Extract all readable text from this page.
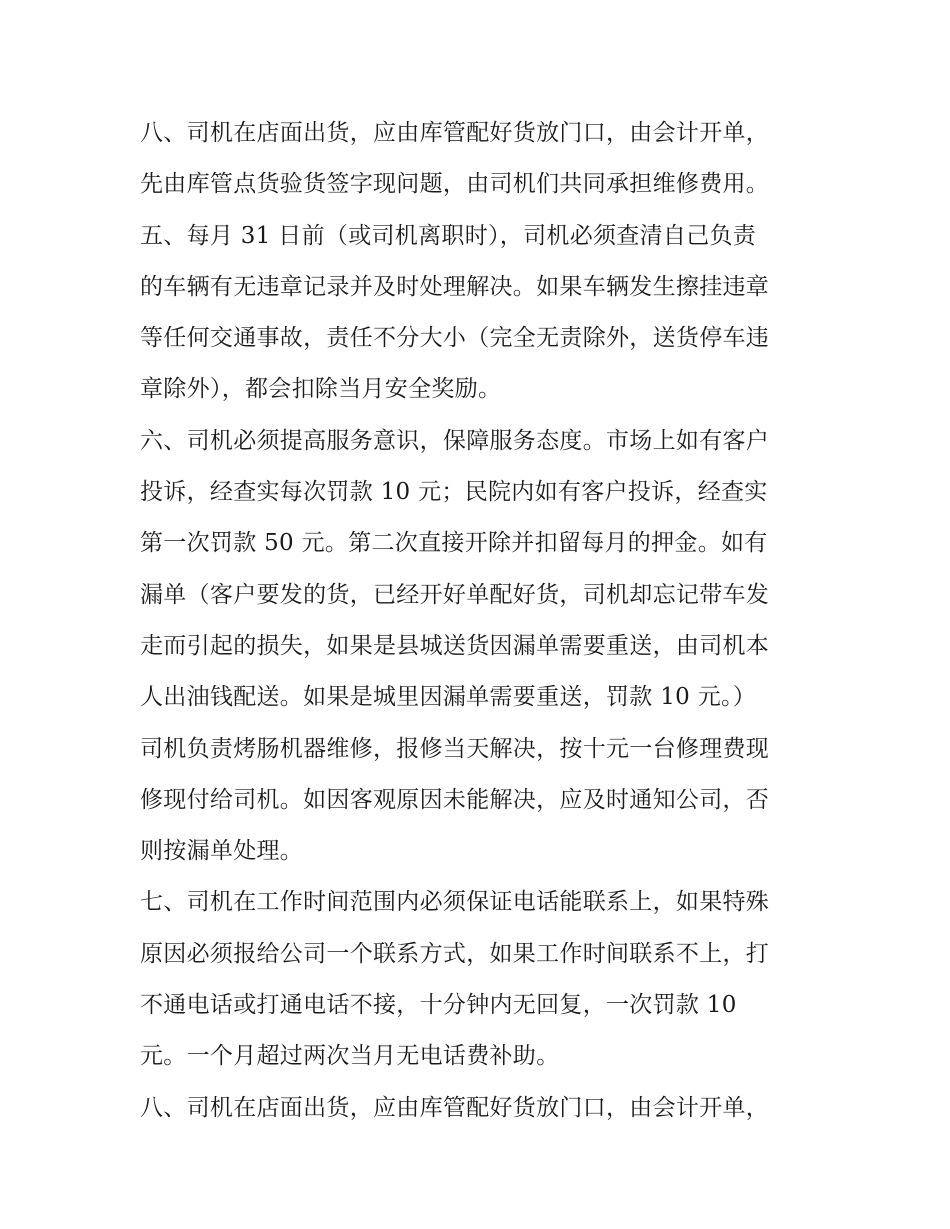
八、司机在店面出货，应由库管配好货放门口，由会计开单，
先由库管点货验货签字现问题，由司机们共同承担维修费用。
五、每月 31 日前（或司机离职时），司机必须查清自己负责
的车辆有无违章记录并及时处理解决。如果车辆发生擦挂违章
等任何交通事故，责任不分大小（完全无责除外，送货停车违
章除外），都会扣除当月安全奖励。
六、司机必须提高服务意识，保障服务态度。市场上如有客户
投诉，经查实每次罚款 10 元；民院内如有客户投诉，经查实
第一次罚款 50 元。第二次直接开除并扣留每月的押金。如有
漏单（客户要发的货，已经开好单配好货，司机却忘记带车发
走而引起的损失，如果是县城送货因漏单需要重送，由司机本
人出油钱配送。如果是城里因漏单需要重送，罚款 10 元。）
司机负责烤肠机器维修，报修当天解决，按十元一台修理费现
修现付给司机。如因客观原因未能解决，应及时通知公司，否
则按漏单处理。
七、司机在工作时间范围内必须保证电话能联系上，如果特殊
原因必须报给公司一个联系方式，如果工作时间联系不上，打
不通电话或打通电话不接，十分钟内无回复，一次罚款 10
元。一个月超过两次当月无电话费补助。
八、司机在店面出货，应由库管配好货放门口，由会计开单，
